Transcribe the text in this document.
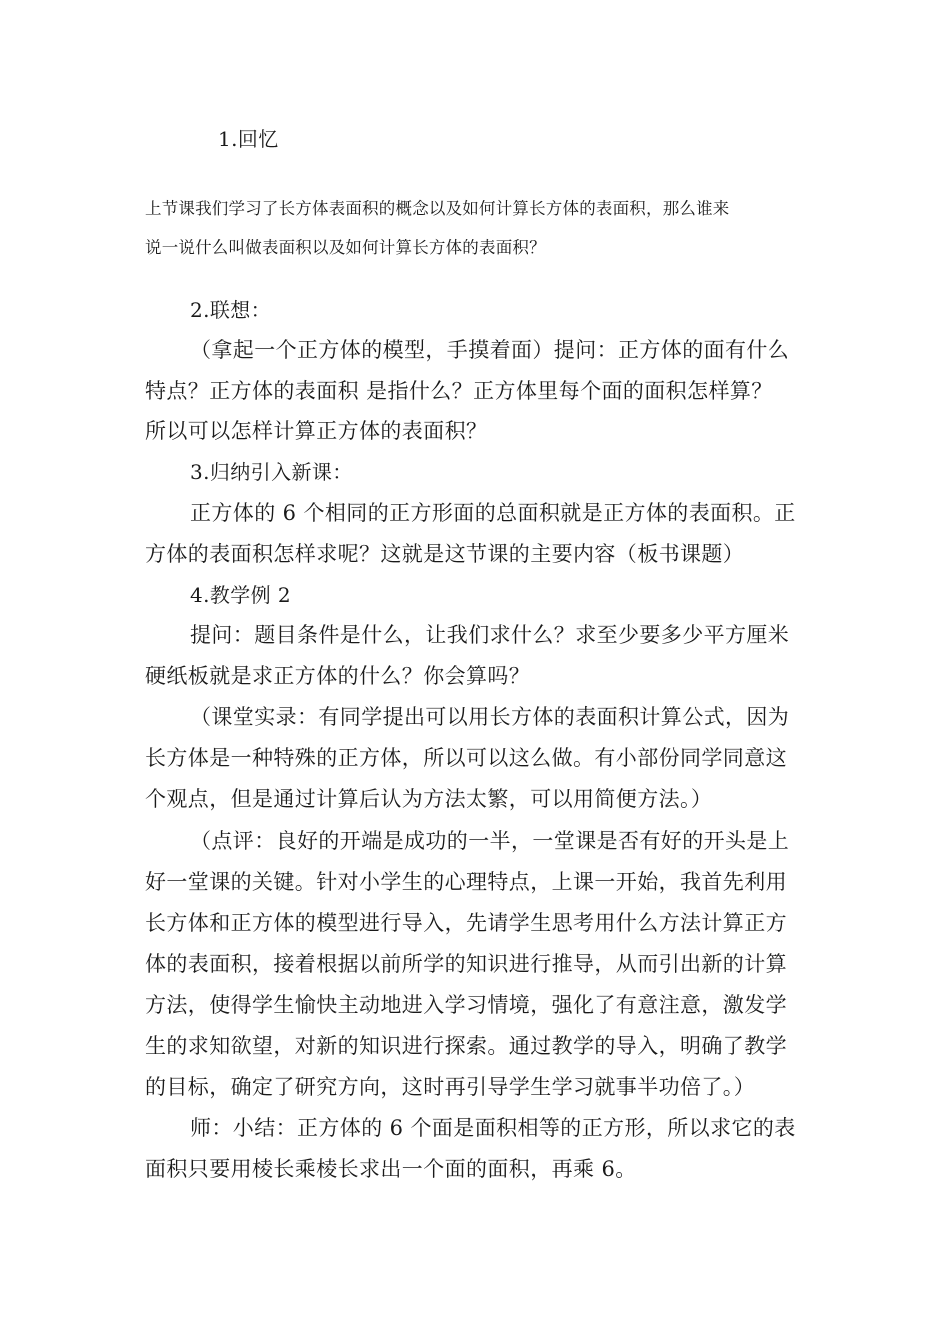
1.回忆
上节课我们学习了长方体表面积的概念以及如何计算长方体的表面积，那么谁来
说一说什么叫做表面积以及如何计算长方体的表面积？
2.联想：
（拿起一个正方体的模型，手摸着面）提问：正方体的面有什么
特点？正方体的表面积 是指什么？正方体里每个面的面积怎样算？
所以可以怎样计算正方体的表面积？
3.归纳引入新课：
正方体的 6 个相同的正方形面的总面积就是正方体的表面积。正
方体的表面积怎样求呢？这就是这节课的主要内容（板书课题）
4.教学例 2
提问：题目条件是什么，让我们求什么？求至少要多少平方厘米
硬纸板就是求正方体的什么？你会算吗？
（课堂实录：有同学提出可以用长方体的表面积计算公式，因为
长方体是一种特殊的正方体，所以可以这么做。有小部份同学同意这
个观点，但是通过计算后认为方法太繁，可以用简便方法。）
（点评：良好的开端是成功的一半，一堂课是否有好的开头是上
好一堂课的关键。针对小学生的心理特点，上课一开始，我首先利用
长方体和正方体的模型进行导入，先请学生思考用什么方法计算正方
体的表面积，接着根据以前所学的知识进行推导，从而引出新的计算
方法，使得学生愉快主动地进入学习情境，强化了有意注意，激发学
生的求知欲望，对新的知识进行探索。通过教学的导入，明确了教学
的目标，确定了研究方向，这时再引导学生学习就事半功倍了。）
师：小结：正方体的 6 个面是面积相等的正方形，所以求它的表
面积只要用棱长乘棱长求出一个面的面积，再乘 6。
